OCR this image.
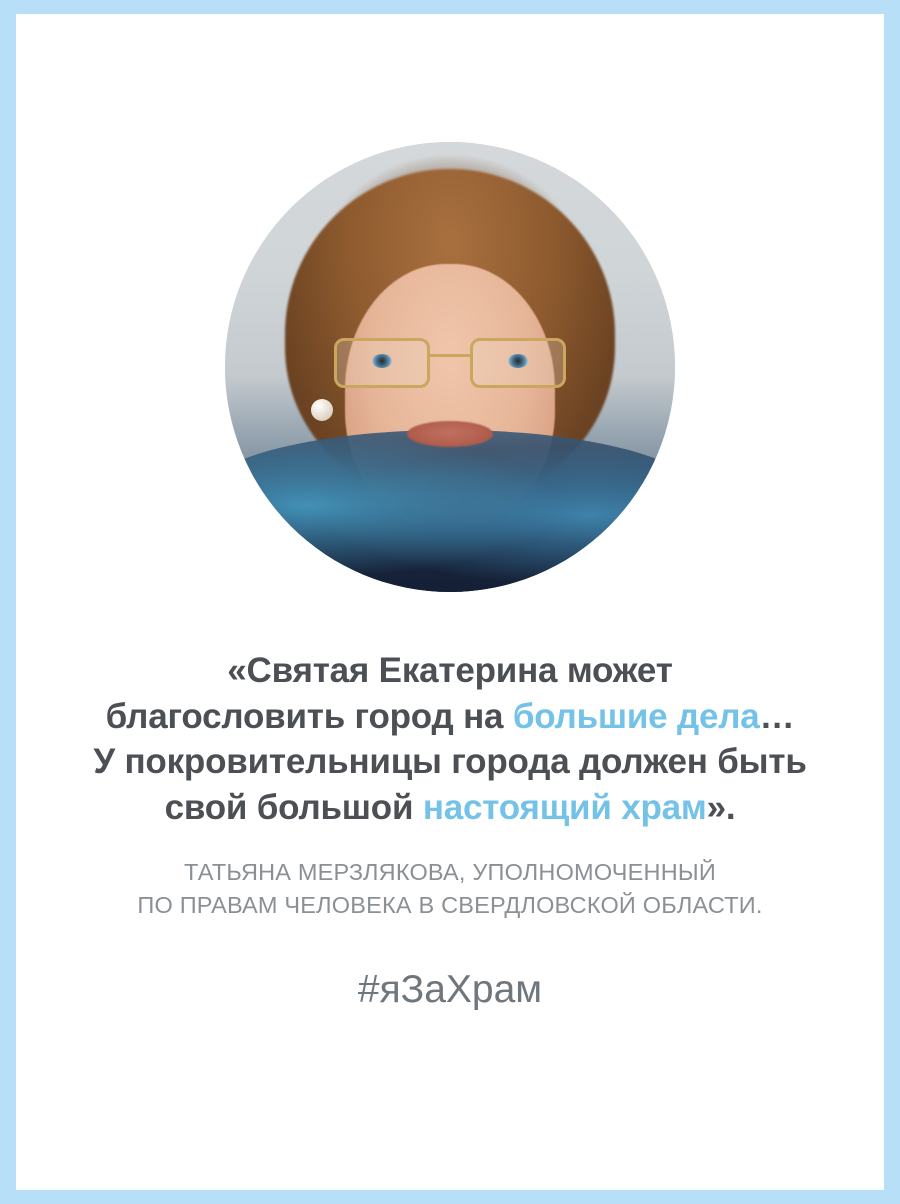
«Святая Екатерина может
благословить город на большие дела…
У покровительницы города должен быть
свой большой настоящий храм».
ТАТЬЯНА МЕРЗЛЯКОВА, УПОЛНОМОЧЕННЫЙ
ПО ПРАВАМ ЧЕЛОВЕКА В СВЕРДЛОВСКОЙ ОБЛАСТИ.
#яЗаХрам
